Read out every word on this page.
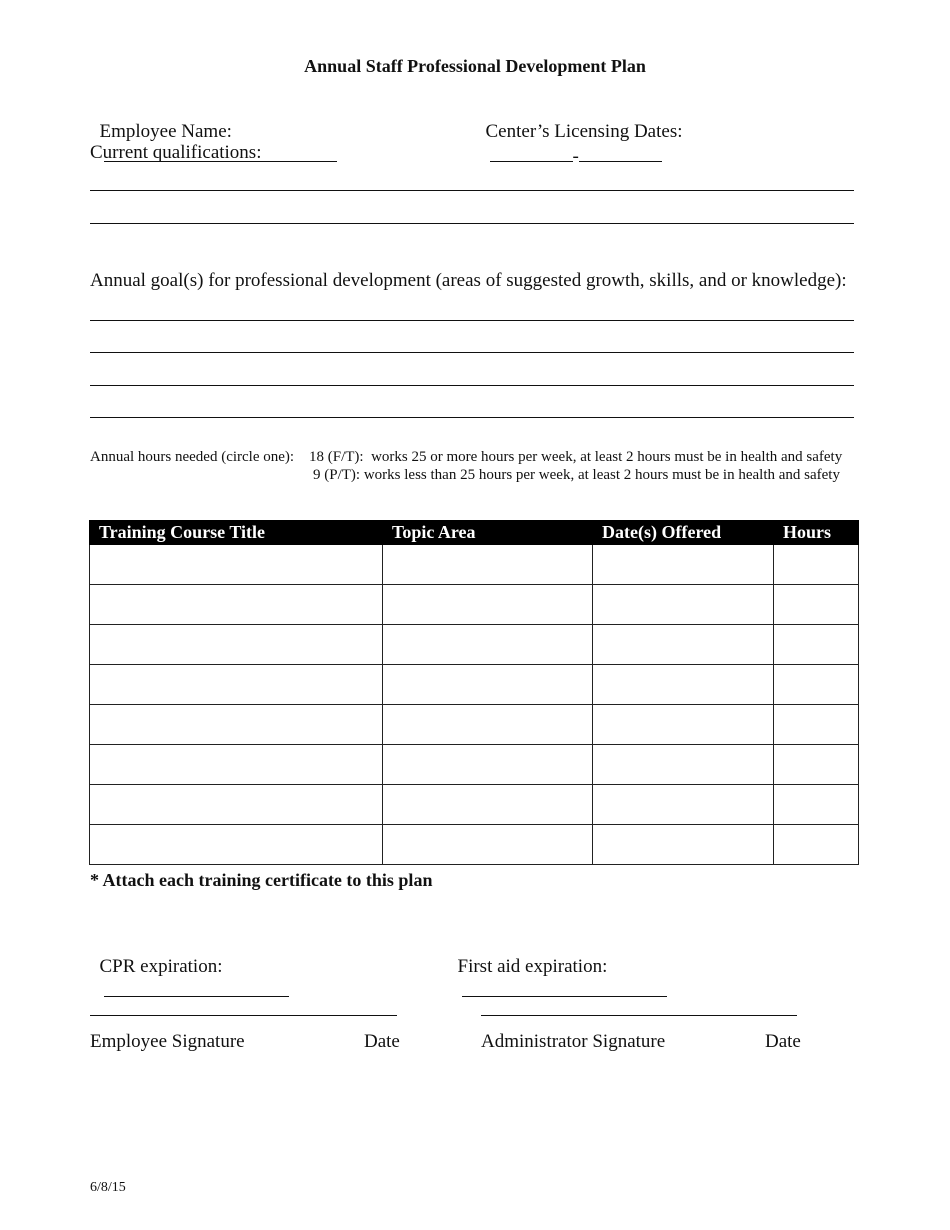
Annual Staff Professional Development Plan

Employee Name:
	Center’s Licensing Dates:
-

Current qualifications:
Annual goal(s) for professional development (areas of suggested growth, skills, and or knowledge):
Annual hours needed (circle one): 18 (F/T):  works 25 or more hours per week, at least 2 hours must be in health and safety
9 (P/T): works less than 25 hours per week, at least 2 hours must be in health and safety
Training Course Title	Topic Area	Date(s) Offered	Hours

* Attach each training certificate to this plan

CPR expiration:
	First aid expiration:

Employee Signature	Date	Administrator Signature	Date
6/8/15
